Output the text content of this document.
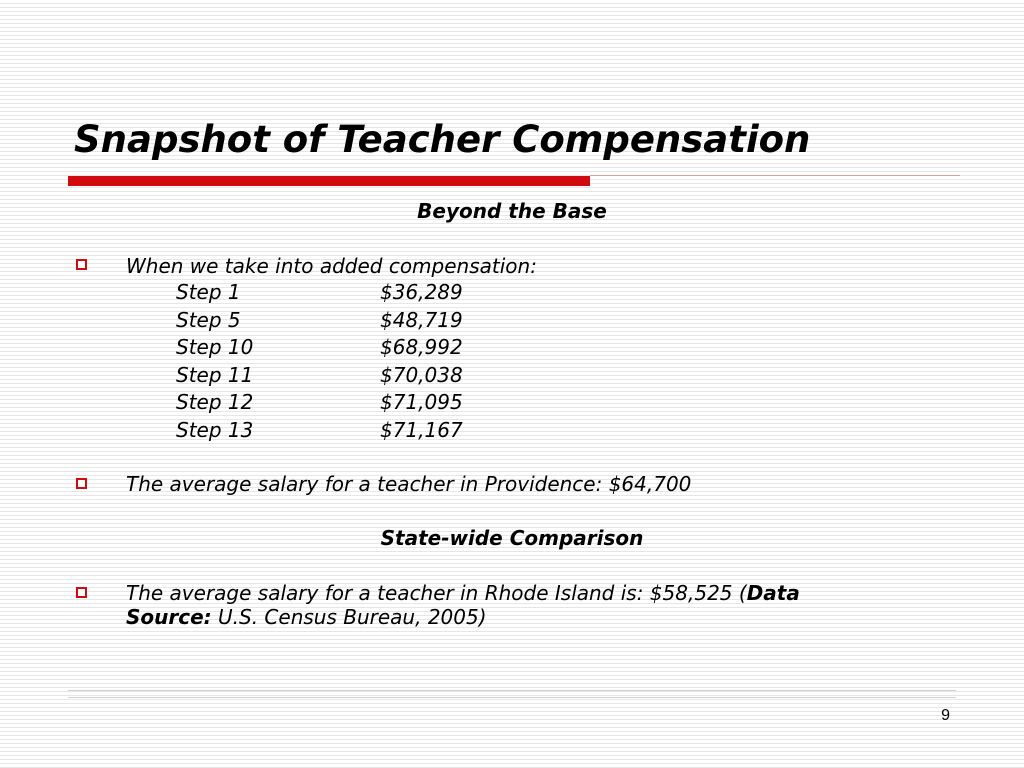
Snapshot of Teacher Compensation

Beyond the Base

When we take into added compensation:

Step 1	$36,289
Step 5	$48,719
Step 10	$68,992
Step 11	$70,038
Step 12	$71,095
Step 13	$71,167

The average salary for a teacher in Providence: $64,700

State-wide Comparison

The average salary for a teacher in Rhode Island is: $58,525 (Data
Source: U.S. Census Bureau, 2005)

9
